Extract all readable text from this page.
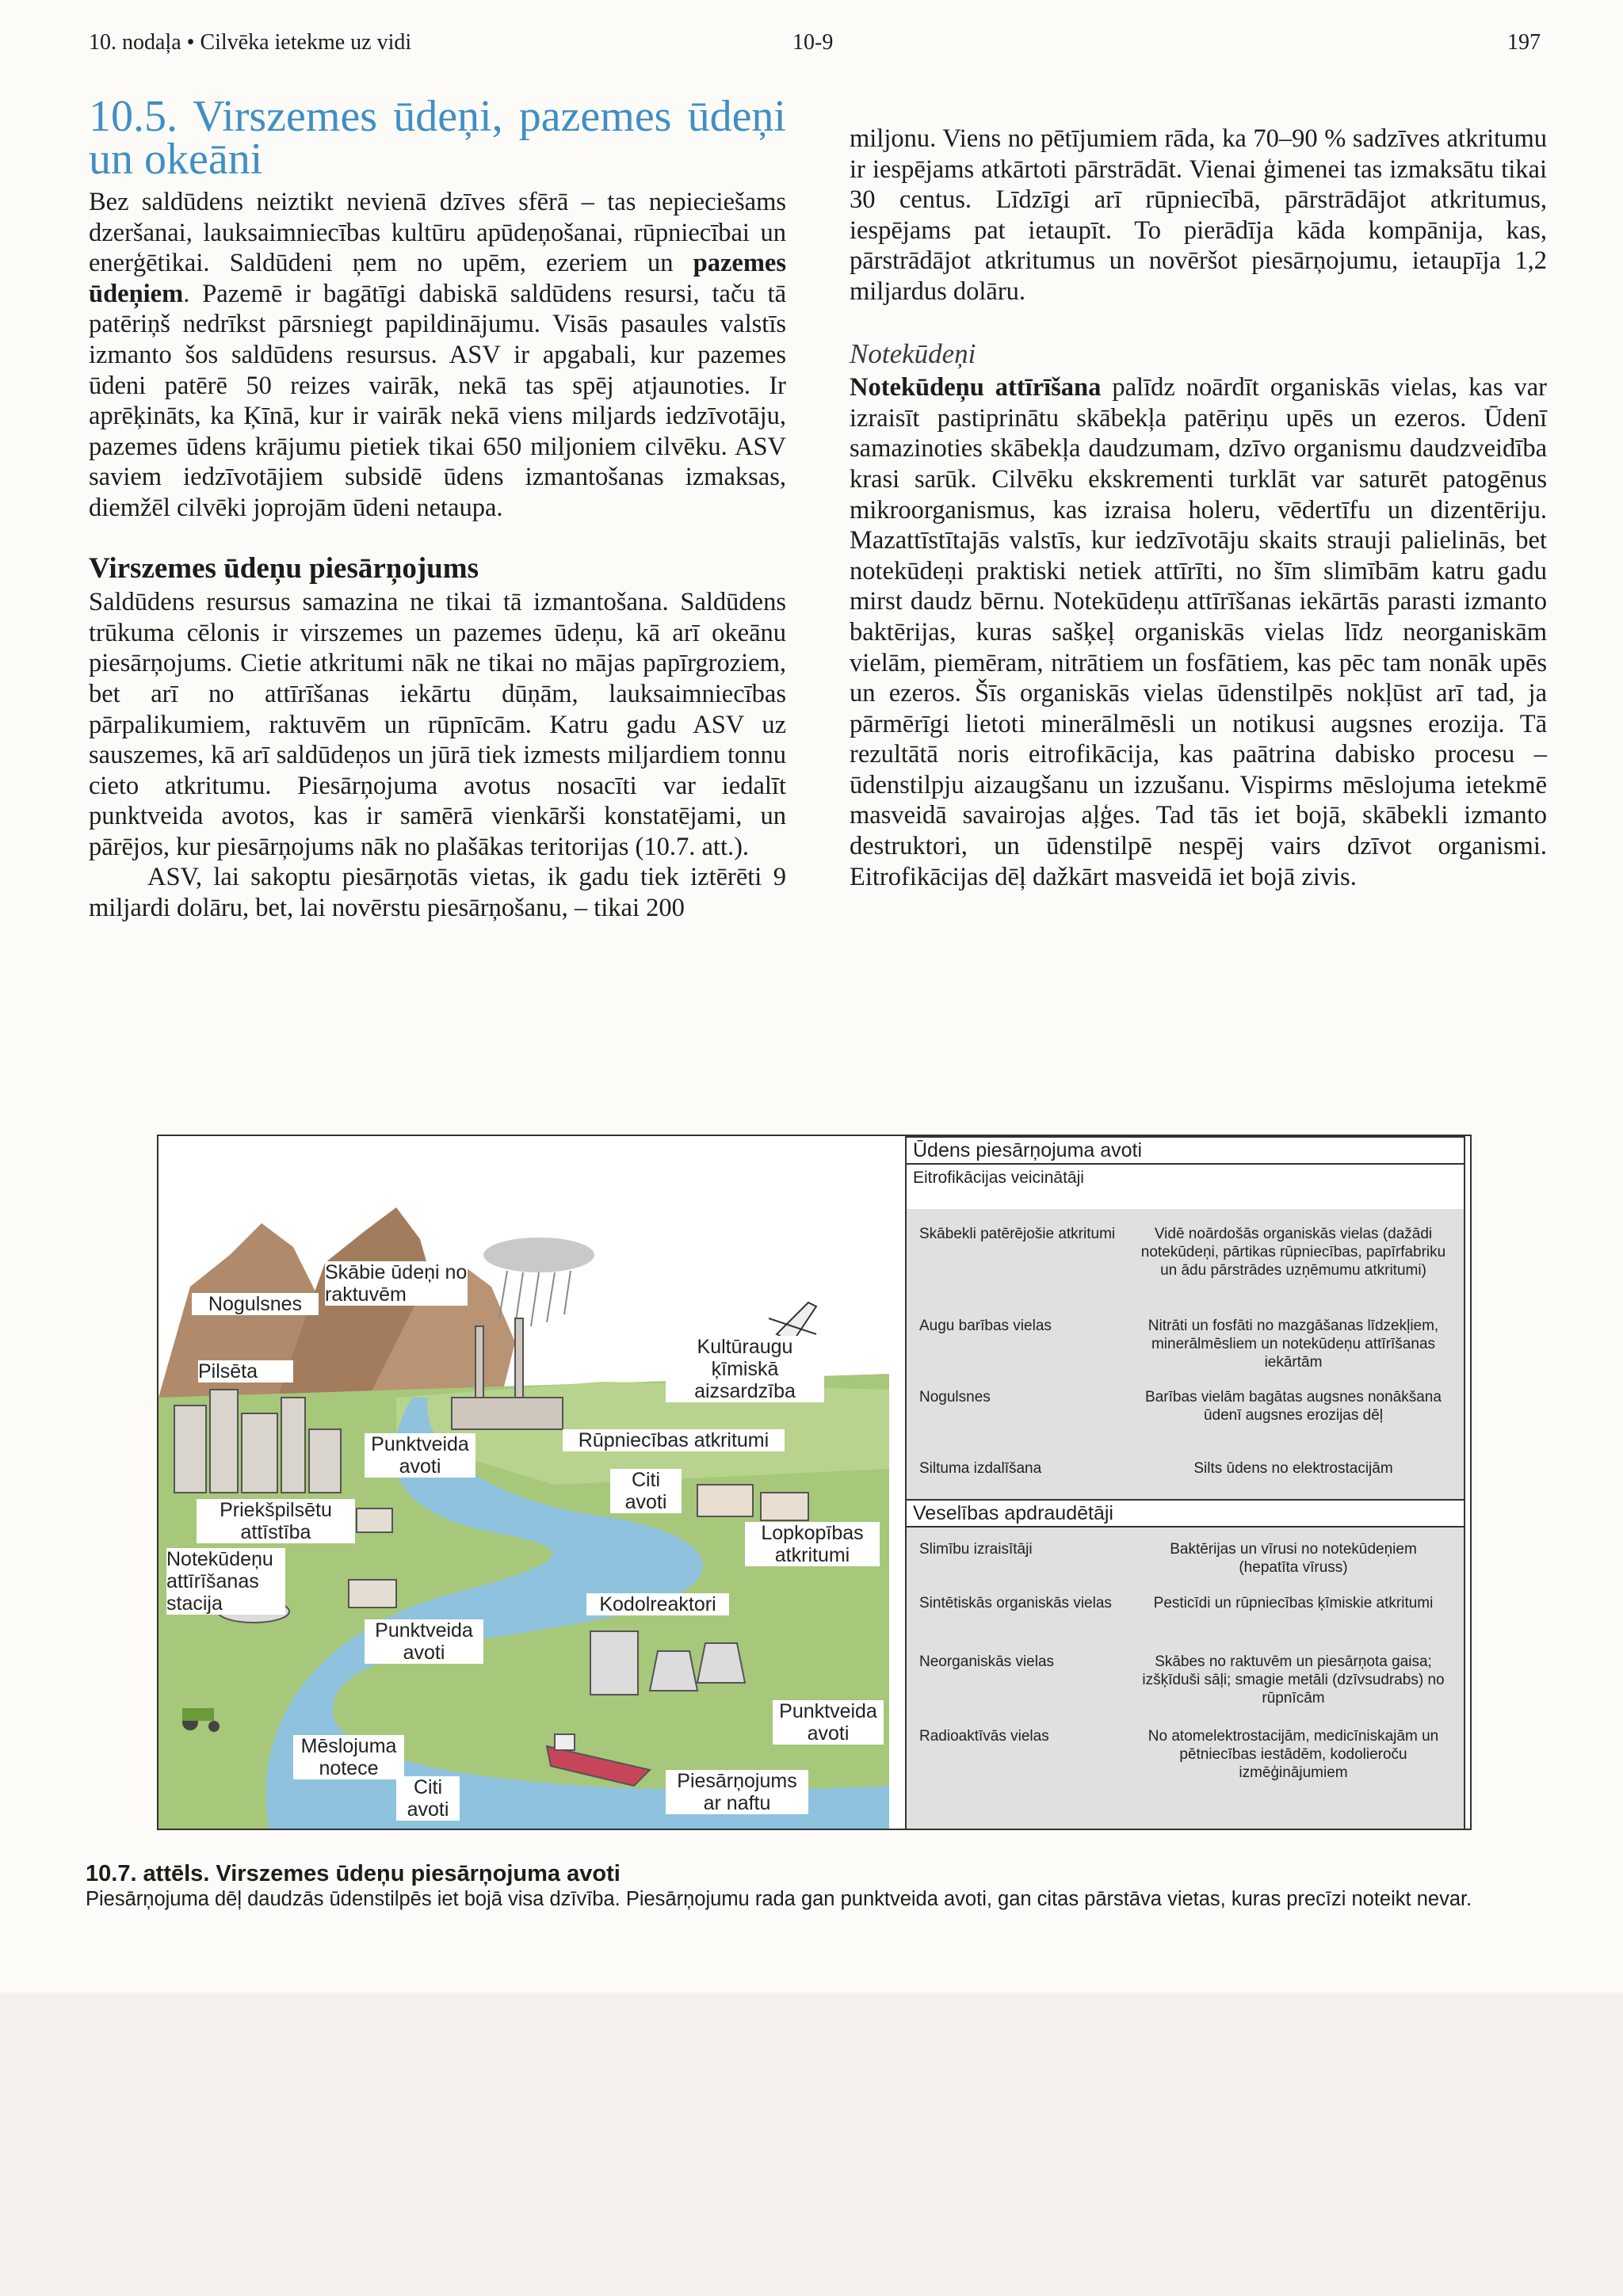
10. nodaļa • Cilvēka ietekme uz vidi	10-9	197
10.5. Virszemes ūdeņi, pazemes ūdeņi un okeāni

Bez saldūdens neiztikt nevienā dzīves sfērā – tas nepieciešams dzeršanai, lauksaimniecības kultūru apūdeņošanai, rūpniecībai un enerģētikai. Saldūdeni ņem no upēm, ezeriem un pazemes ūdeņiem. Pazemē ir bagātīgi dabiskā saldūdens resursi, taču tā patēriņš nedrīkst pārsniegt papildinājumu. Visās pasaules valstīs izmanto šos saldūdens resursus. ASV ir apgabali, kur pazemes ūdeni patērē 50 reizes vairāk, nekā tas spēj atjaunoties. Ir aprēķināts, ka Ķīnā, kur ir vairāk nekā viens miljards iedzīvotāju, pazemes ūdens krājumu pietiek tikai 650 miljoniem cilvēku. ASV saviem iedzīvotājiem subsidē ūdens izmantošanas izmaksas, diemžēl cilvēki joprojām ūdeni netaupa.

Virszemes ūdeņu piesārņojums

Saldūdens resursus samazina ne tikai tā izmantošana. Saldūdens trūkuma cēlonis ir virszemes un pazemes ūdeņu, kā arī okeānu piesārņojums. Cietie atkritumi nāk ne tikai no mājas papīrgroziem, bet arī no attīrīšanas iekārtu dūņām, lauksaimniecības pārpalikumiem, raktuvēm un rūpnīcām. Katru gadu ASV uz sauszemes, kā arī saldūdeņos un jūrā tiek izmests miljardiem tonnu cieto atkritumu. Piesārņojuma avotus nosacīti var iedalīt punktveida avotos, kas ir samērā vienkārši konstatējami, un pārējos, kur piesārņojums nāk no plašākas teritorijas (10.7. att.).

ASV, lai sakoptu piesārņotās vietas, ik gadu tiek iztērēti 9 miljardi dolāru, bet, lai novērstu piesārņošanu, – tikai 200

miljonu. Viens no pētījumiem rāda, ka 70–90 % sadzīves atkritumu ir iespējams atkārtoti pārstrādāt. Vienai ģimenei tas izmaksātu tikai 30 centus. Līdzīgi arī rūpniecībā, pārstrādājot atkritumus, iespējams pat ietaupīt. To pierādīja kāda kompānija, kas, pārstrādājot atkritumus un novēršot piesārņojumu, ietaupīja 1,2 miljardus dolāru.

Notekūdeņi

Notekūdeņu attīrīšana palīdz noārdīt organiskās vielas, kas var izraisīt pastiprinātu skābekļa patēriņu upēs un ezeros. Ūdenī samazinoties skābekļa daudzumam, dzīvo organismu daudzveidība krasi sarūk. Cilvēku ekskrementi turklāt var saturēt patogēnus mikroorganismus, kas izraisa holeru, vēdertīfu un dizentēriju. Mazattīstītajās valstīs, kur iedzīvotāju skaits strauji palielinās, bet notekūdeņi praktiski netiek attīrīti, no šīm slimībām katru gadu mirst daudz bērnu. Notekūdeņu attīrīšanas iekārtās parasti izmanto baktērijas, kuras sašķeļ organiskās vielas līdz neorganiskām vielām, piemēram, nitrātiem un fosfātiem, kas pēc tam nonāk upēs un ezeros. Šīs organiskās vielas ūdenstilpēs nokļūst arī tad, ja pārmērīgi lietoti minerālmēsli un notikusi augsnes erozija. Tā rezultātā noris eitrofikācija, kas paātrina dabisko procesu – ūdenstilpju aizaugšanu un izzušanu. Vispirms mēslojuma ietekmē masveidā savairojas aļģes. Tad tās iet bojā, skābekli izmanto destruktori, un ūdenstilpē nespēj vairs dzīvot organismi. Eitrofikācijas dēļ dažkārt masveidā iet bojā zivis.

Nogulsnes
Skābie ūdeņi no raktuvēm
Pilsēta
Kultūraugu ķīmiskā aizsardzība
Punktveida avoti
Rūpniecības atkritumi
Citi avoti
Priekšpilsētu attīstība	Lopkopības atkritumi
Notekūdeņu attīrīšanas stacija	Kodolreaktori
Punktveida avoti
Punktveida avoti
Mēslojuma notece
Citi avoti
Piesārņojums ar naftu
Ūdens piesārņojuma avoti
Eitrofikācijas veicinātāji
Skābekli patērējošie atkritumi	Vidē noārdošās organiskās vielas (dažādi notekūdeņi, pārtikas rūpniecības, papīrfabriku un ādu pārstrādes uzņēmumu atkritumi)
Augu barības vielas	Nitrāti un fosfāti no mazgāšanas līdzekļiem, minerālmēsliem un notekūdeņu attīrīšanas iekārtām
Nogulsnes	Barības vielām bagātas augsnes nonākšana ūdenī augsnes erozijas dēļ
Siltuma izdalīšana	Silts ūdens no elektrostacijām
Veselības apdraudētāji
Slimību izraisītāji	Baktērijas un vīrusi no notekūdeņiem (hepatīta vīruss)
Sintētiskās organiskās vielas	Pesticīdi un rūpniecības ķīmiskie atkritumi
Neorganiskās vielas	Skābes no raktuvēm un piesārņota gaisa; izšķīduši sāļi; smagie metāli (dzīvsudrabs) no rūpnīcām
Radioaktīvās vielas	No atomelektrostacijām, medicīniskajām un pētniecības iestādēm, kodolieroču izmēģinājumiem
10.7. attēls. Virszemes ūdeņu piesārņojuma avoti
Piesārņojuma dēļ daudzās ūdenstilpēs iet bojā visa dzīvība. Piesārņojumu rada gan punktveida avoti, gan citas pārstāva vietas, kuras precīzi noteikt nevar.
